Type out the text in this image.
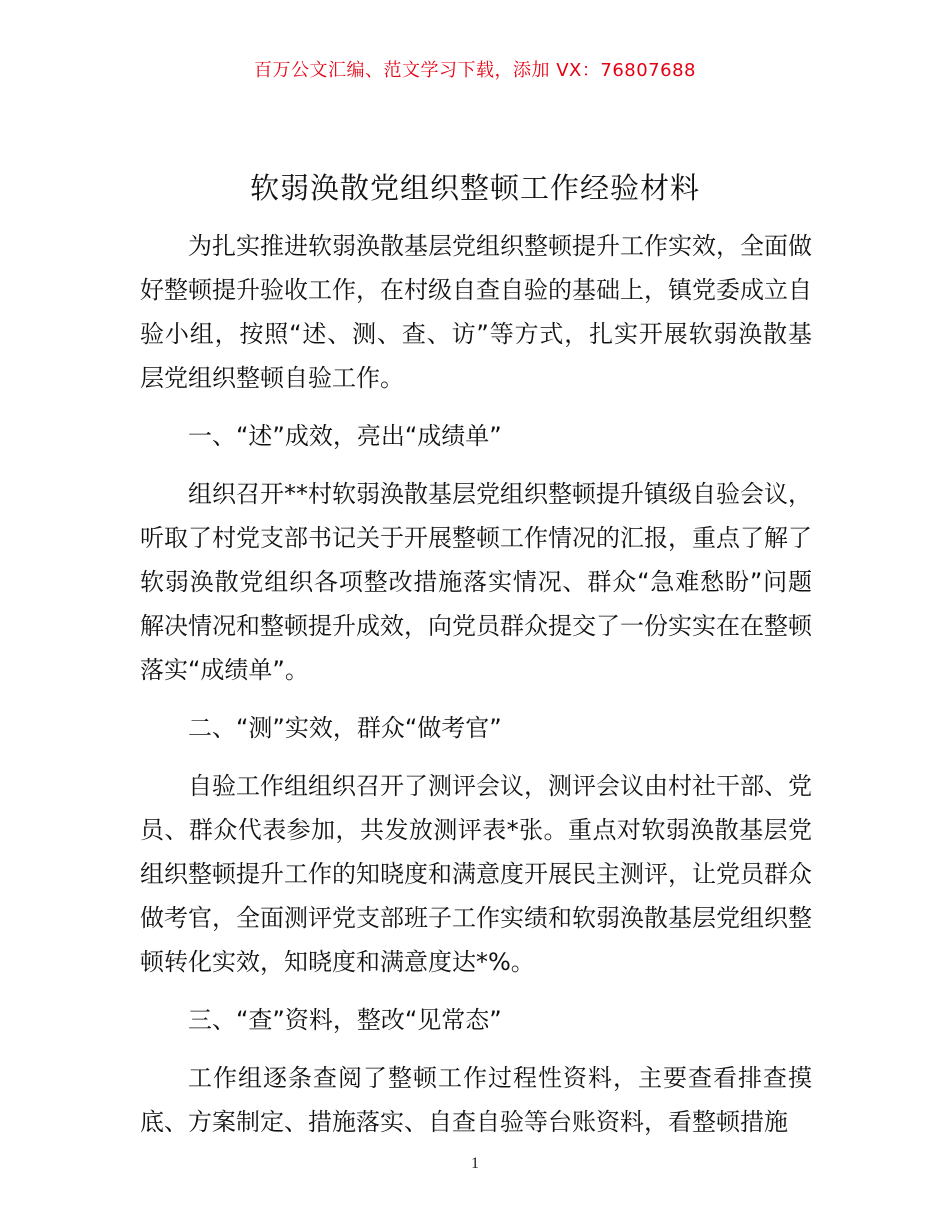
百万公文汇编、范文学习下载，添加 VX：76807688
软弱涣散党组织整顿工作经验材料

为扎实推进软弱涣散基层党组织整顿提升工作实效，全面做好整顿提升验收工作，在村级自查自验的基础上，镇党委成立自验小组，按照“述、测、查、访”等方式，扎实开展软弱涣散基层党组织整顿自验工作。

一、“述”成效，亮出“成绩单”

组织召开**村软弱涣散基层党组织整顿提升镇级自验会议，听取了村党支部书记关于开展整顿工作情况的汇报，重点了解了软弱涣散党组织各项整改措施落实情况、群众“急难愁盼”问题解决情况和整顿提升成效，向党员群众提交了一份实实在在整顿落实“成绩单”。

二、“测”实效，群众“做考官”

自验工作组组织召开了测评会议，测评会议由村社干部、党员、群众代表参加，共发放测评表*张。重点对软弱涣散基层党组织整顿提升工作的知晓度和满意度开展民主测评，让党员群众做考官，全面测评党支部班子工作实绩和软弱涣散基层党组织整顿转化实效，知晓度和满意度达*%。

三、“查”资料，整改“见常态”

工作组逐条查阅了整顿工作过程性资料，主要查看排查摸底、方案制定、措施落实、自查自验等台账资料，看整顿措施

1
